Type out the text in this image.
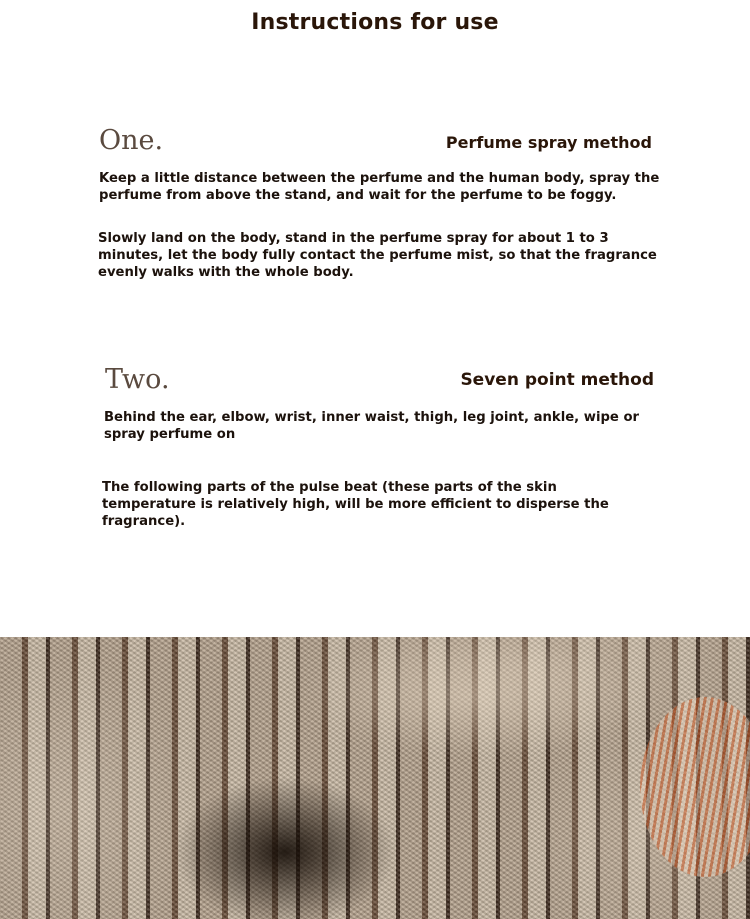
Instructions for use
One.	Perfume spray method
Keep a little distance between the perfume and the human body, spray the perfume from above the stand, and wait for the perfume to be foggy.
Slowly land on the body, stand in the perfume spray for about 1 to 3 minutes, let the body fully contact the perfume mist, so that the fragrance evenly walks with the whole body.
Two.	Seven point method
Behind the ear, elbow, wrist, inner waist, thigh, leg joint, ankle, wipe or spray perfume on
The following parts of the pulse beat (these parts of the skin temperature is relatively high, will be more efficient to disperse the fragrance).
